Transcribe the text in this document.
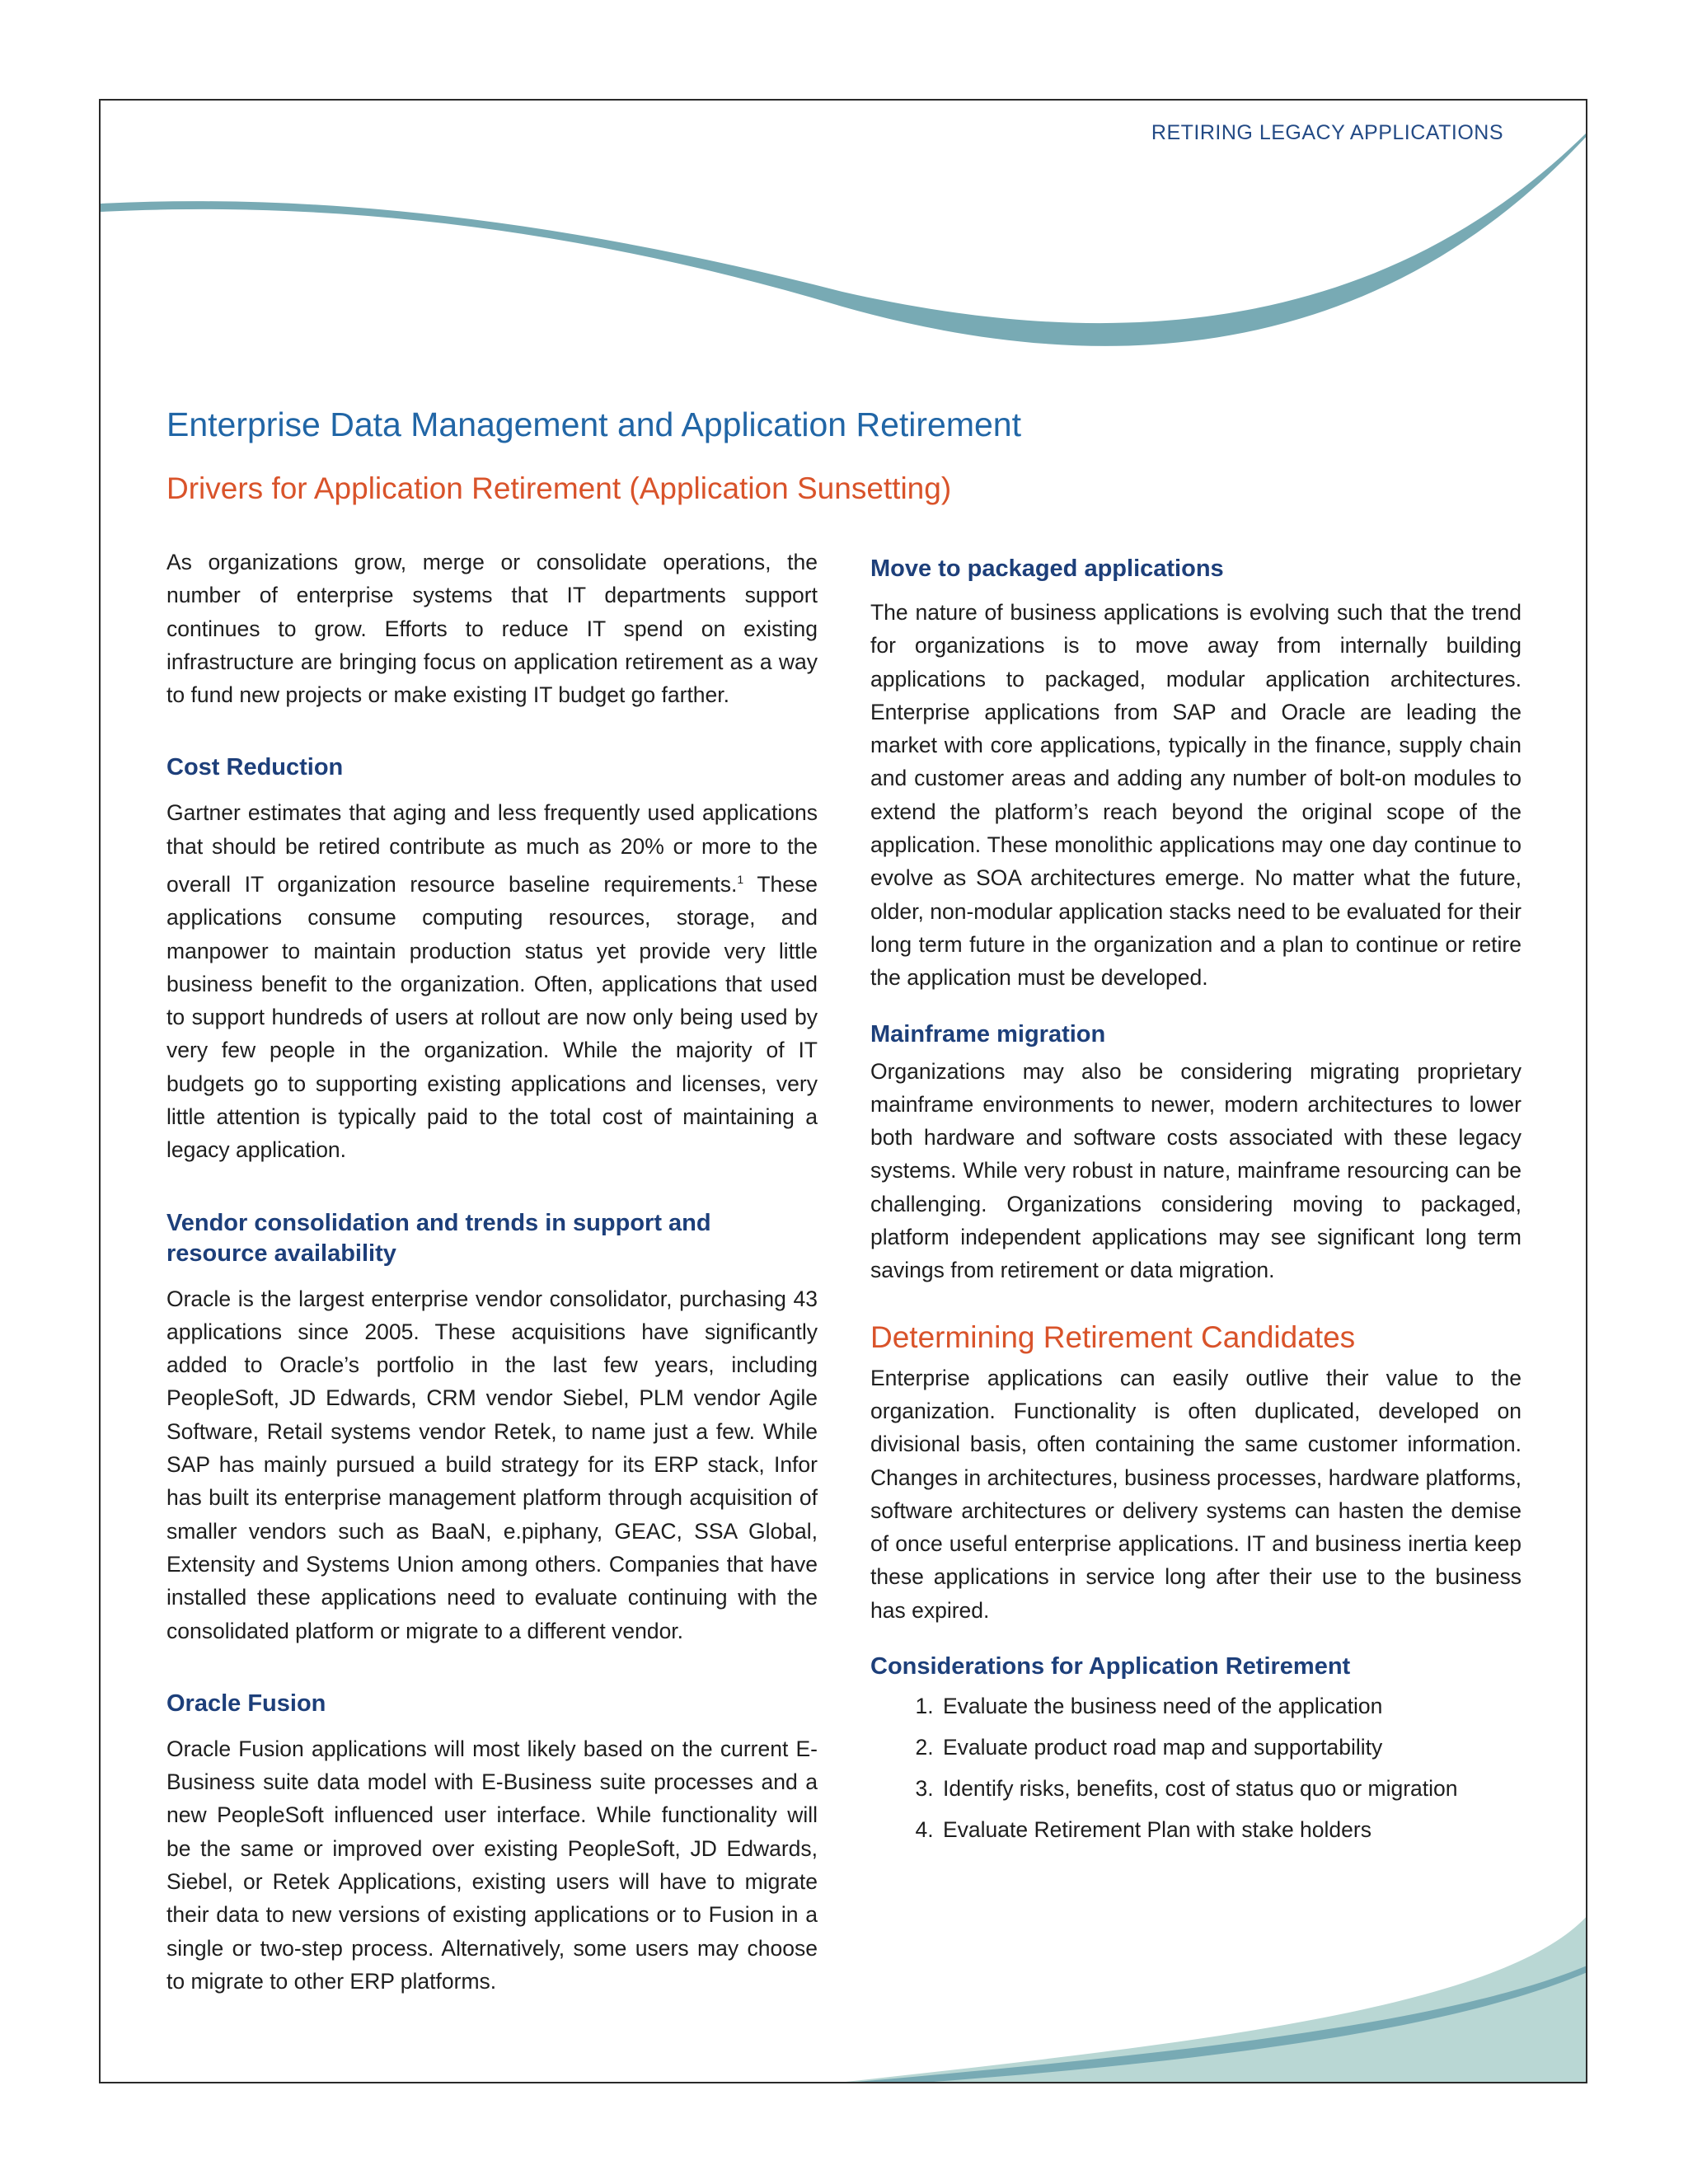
RETIRING LEGACY APPLICATIONS
Enterprise Data Management and Application Retirement
Drivers for Application Retirement (Application Sunsetting)

As organizations grow, merge or consolidate operations, the number of enterprise systems that IT departments support continues to grow. Efforts to reduce IT spend on existing infrastructure are bringing focus on application retirement as a way to fund new projects or make existing IT budget go farther.

Cost Reduction

Gartner estimates that aging and less frequently used applications that should be retired contribute as much as 20% or more to the overall IT organization resource baseline requirements.$^1$ These applications consume computing resources, storage, and manpower to maintain production status yet provide very little business benefit to the organization. Often, applications that used to support hundreds of users at rollout are now only being used by very few people in the organization. While the majority of IT budgets go to supporting existing applications and licenses, very little attention is typically paid to the total cost of maintaining a legacy application.

Vendor consolidation and trends in support and resource availability

Oracle is the largest enterprise vendor consolidator, purchasing 43 applications since 2005. These acquisitions have significantly added to Oracle’s portfolio in the last few years, including PeopleSoft, JD Edwards, CRM vendor Siebel, PLM vendor Agile Software, Retail systems vendor Retek, to name just a few. While SAP has mainly pursued a build strategy for its ERP stack, Infor has built its enterprise management platform through acquisition of smaller vendors such as BaaN, e.piphany, GEAC, SSA Global, Extensity and Systems Union among others. Companies that have installed these applications need to evaluate continuing with the consolidated platform or migrate to a different vendor.

Oracle Fusion

Oracle Fusion applications will most likely based on the current E-Business suite data model with E-Business suite processes and a new PeopleSoft influenced user interface. While functionality will be the same or improved over existing PeopleSoft, JD Edwards, Siebel, or Retek Applications, existing users will have to migrate their data to new versions of existing applications or to Fusion in a single or two-step process. Alternatively, some users may choose to migrate to other ERP platforms.

Move to packaged applications

The nature of business applications is evolving such that the trend for organizations is to move away from internally building applications to packaged, modular application architectures. Enterprise applications from SAP and Oracle are leading the market with core applications, typically in the finance, supply chain and customer areas and adding any number of bolt-on modules to extend the platform’s reach beyond the original scope of the application. These monolithic applications may one day continue to evolve as SOA architectures emerge. No matter what the future, older, non-modular application stacks need to be evaluated for their long term future in the organization and a plan to continue or retire the application must be developed.

Mainframe migration

Organizations may also be considering migrating proprietary mainframe environments to newer, modern architectures to lower both hardware and software costs associated with these legacy systems. While very robust in nature, mainframe resourcing can be challenging. Organizations considering moving to packaged, platform independent applications may see significant long term savings from retirement or data migration.

Determining Retirement Candidates

Enterprise applications can easily outlive their value to the organization. Functionality is often duplicated, developed on divisional basis, often containing the same customer information. Changes in architectures, business processes, hardware platforms, software architectures or delivery systems can hasten the demise of once useful enterprise applications. IT and business inertia keep these applications in service long after their use to the business has expired.

Considerations for Application Retirement
1. Evaluate the business need of the application
2. Evaluate product road map and supportability
3. Identify risks, benefits, cost of status quo or migration
4. Evaluate Retirement Plan with stake holders
